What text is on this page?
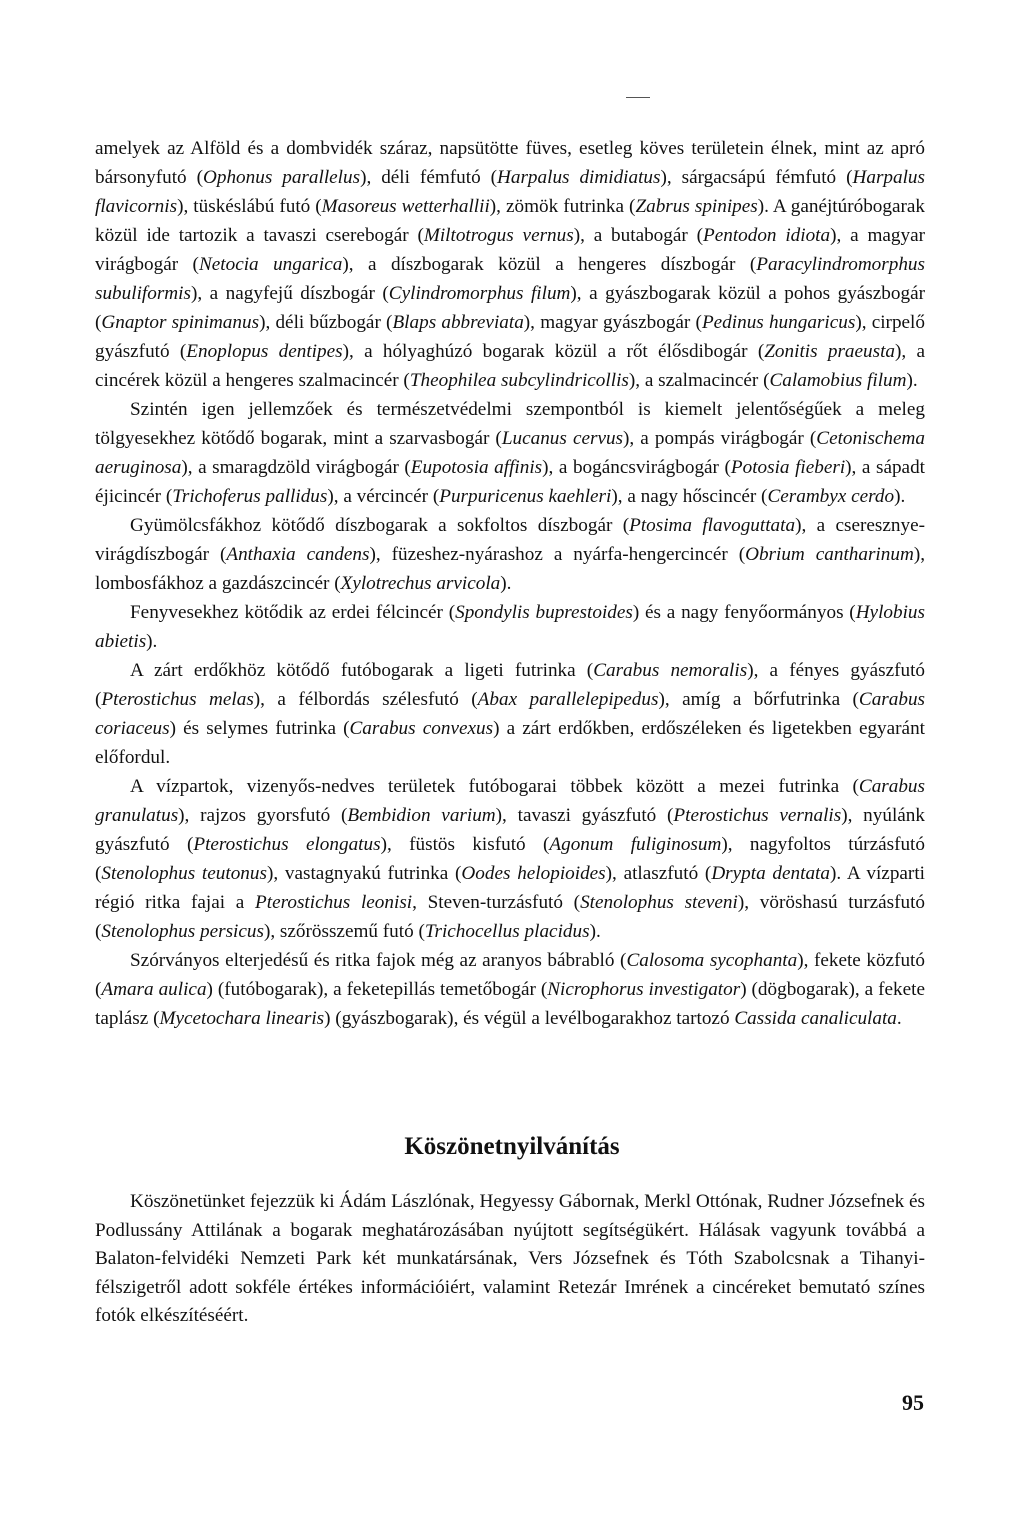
amelyek az Alföld és a dombvidék száraz, napsütötte füves, esetleg köves területein élnek, mint az apró bársonyfutó (Ophonus parallelus), déli fémfutó (Harpalus dimidiatus), sárgacsápú fémfutó (Harpalus flavicornis), tüskéslábú futó (Masoreus wetterhallii), zömök futrinka (Zabrus spinipes). A ganéjtúróbogarak közül ide tartozik a tavaszi cserebogár (Miltotrogus vernus), a butabogár (Pentodon idiota), a magyar virágbogár (Netocia ungarica), a díszbogarak közül a hengeres díszbogár (Paracylindromorphus subuliformis), a nagyfejű díszbogár (Cylindromorphus filum), a gyászbogarak közül a pohos gyászbogár (Gnaptor spinimanus), déli bűzbogár (Blaps abbreviata), magyar gyászbogár (Pedinus hungaricus), cirpelő gyászfutó (Enoplopus dentipes), a hólyaghúzó bogarak közül a rőt élősdibogár (Zonitis praeusta), a cincérek közül a hengeres szalmacincér (Theophilea subcylindricollis), a szalmacincér (Calamobius filum).

Szintén igen jellemzőek és természetvédelmi szempontból is kiemelt jelentőségűek a meleg tölgyesekhez kötődő bogarak, mint a szarvasbogár (Lucanus cervus), a pompás virágbogár (Cetonischema aeruginosa), a smaragdzöld virágbogár (Eupotosia affinis), a bogáncsvirágbogár (Potosia fieberi), a sápadt éjicincér (Trichoferus pallidus), a vércincér (Purpuricenus kaehleri), a nagy hőscincér (Cerambyx cerdo).

Gyümölcsfákhoz kötődő díszbogarak a sokfoltos díszbogár (Ptosima flavoguttata), a cseresznye-virágdíszbogár (Anthaxia candens), füzeshez-nyárashoz a nyárfa-hengercincér (Obrium cantharinum), lombosfákhoz a gazdászcincér (Xylotrechus arvicola).

Fenyvesekhez kötődik az erdei félcincér (Spondylis buprestoides) és a nagy fenyőormányos (Hylobius abietis).

A zárt erdőkhöz kötődő futóbogarak a ligeti futrinka (Carabus nemoralis), a fényes gyászfutó (Pterostichus melas), a félbordás szélesfutó (Abax parallelepipedus), amíg a bőrfutrinka (Carabus coriaceus) és selymes futrinka (Carabus convexus) a zárt erdőkben, erdőszéleken és ligetekben egyaránt előfordul.

A vízpartok, vizenyős-nedves területek futóbogarai többek között a mezei futrinka (Carabus granulatus), rajzos gyorsfutó (Bembidion varium), tavaszi gyászfutó (Pterostichus vernalis), nyúlánk gyászfutó (Pterostichus elongatus), füstös kisfutó (Agonum fuliginosum), nagyfoltos túrzásfutó (Stenolophus teutonus), vastagnyakú futrinka (Oodes helopioides), atlaszfutó (Drypta dentata). A vízparti régió ritka fajai a Pterostichus leonisi, Steven-turzásfutó (Stenolophus steveni), vöröshasú turzásfutó (Stenolophus persicus), szőrösszemű futó (Trichocellus placidus).

Szórványos elterjedésű és ritka fajok még az aranyos bábrabló (Calosoma sycophanta), fekete közfutó (Amara aulica) (futóbogarak), a feketepillás temetőbogár (Nicrophorus investigator) (dögbogarak), a fekete taplász (Mycetochara linearis) (gyászbogarak), és végül a levélbogarakhoz tartozó Cassida canaliculata.

Köszönetnyilvánítás

Köszönetünket fejezzük ki Ádám Lászlónak, Hegyessy Gábornak, Merkl Ottónak, Rudner Józsefnek és Podlussány Attilának a bogarak meghatározásában nyújtott segítségükért. Hálásak vagyunk továbbá a Balaton-felvidéki Nemzeti Park két munkatársának, Vers Józsefnek és Tóth Szabolcsnak a Tihanyi-félszigetről adott sokféle értékes információiért, valamint Retezár Imrének a cincéreket bemutató színes fotók elkészítéséért.

95
